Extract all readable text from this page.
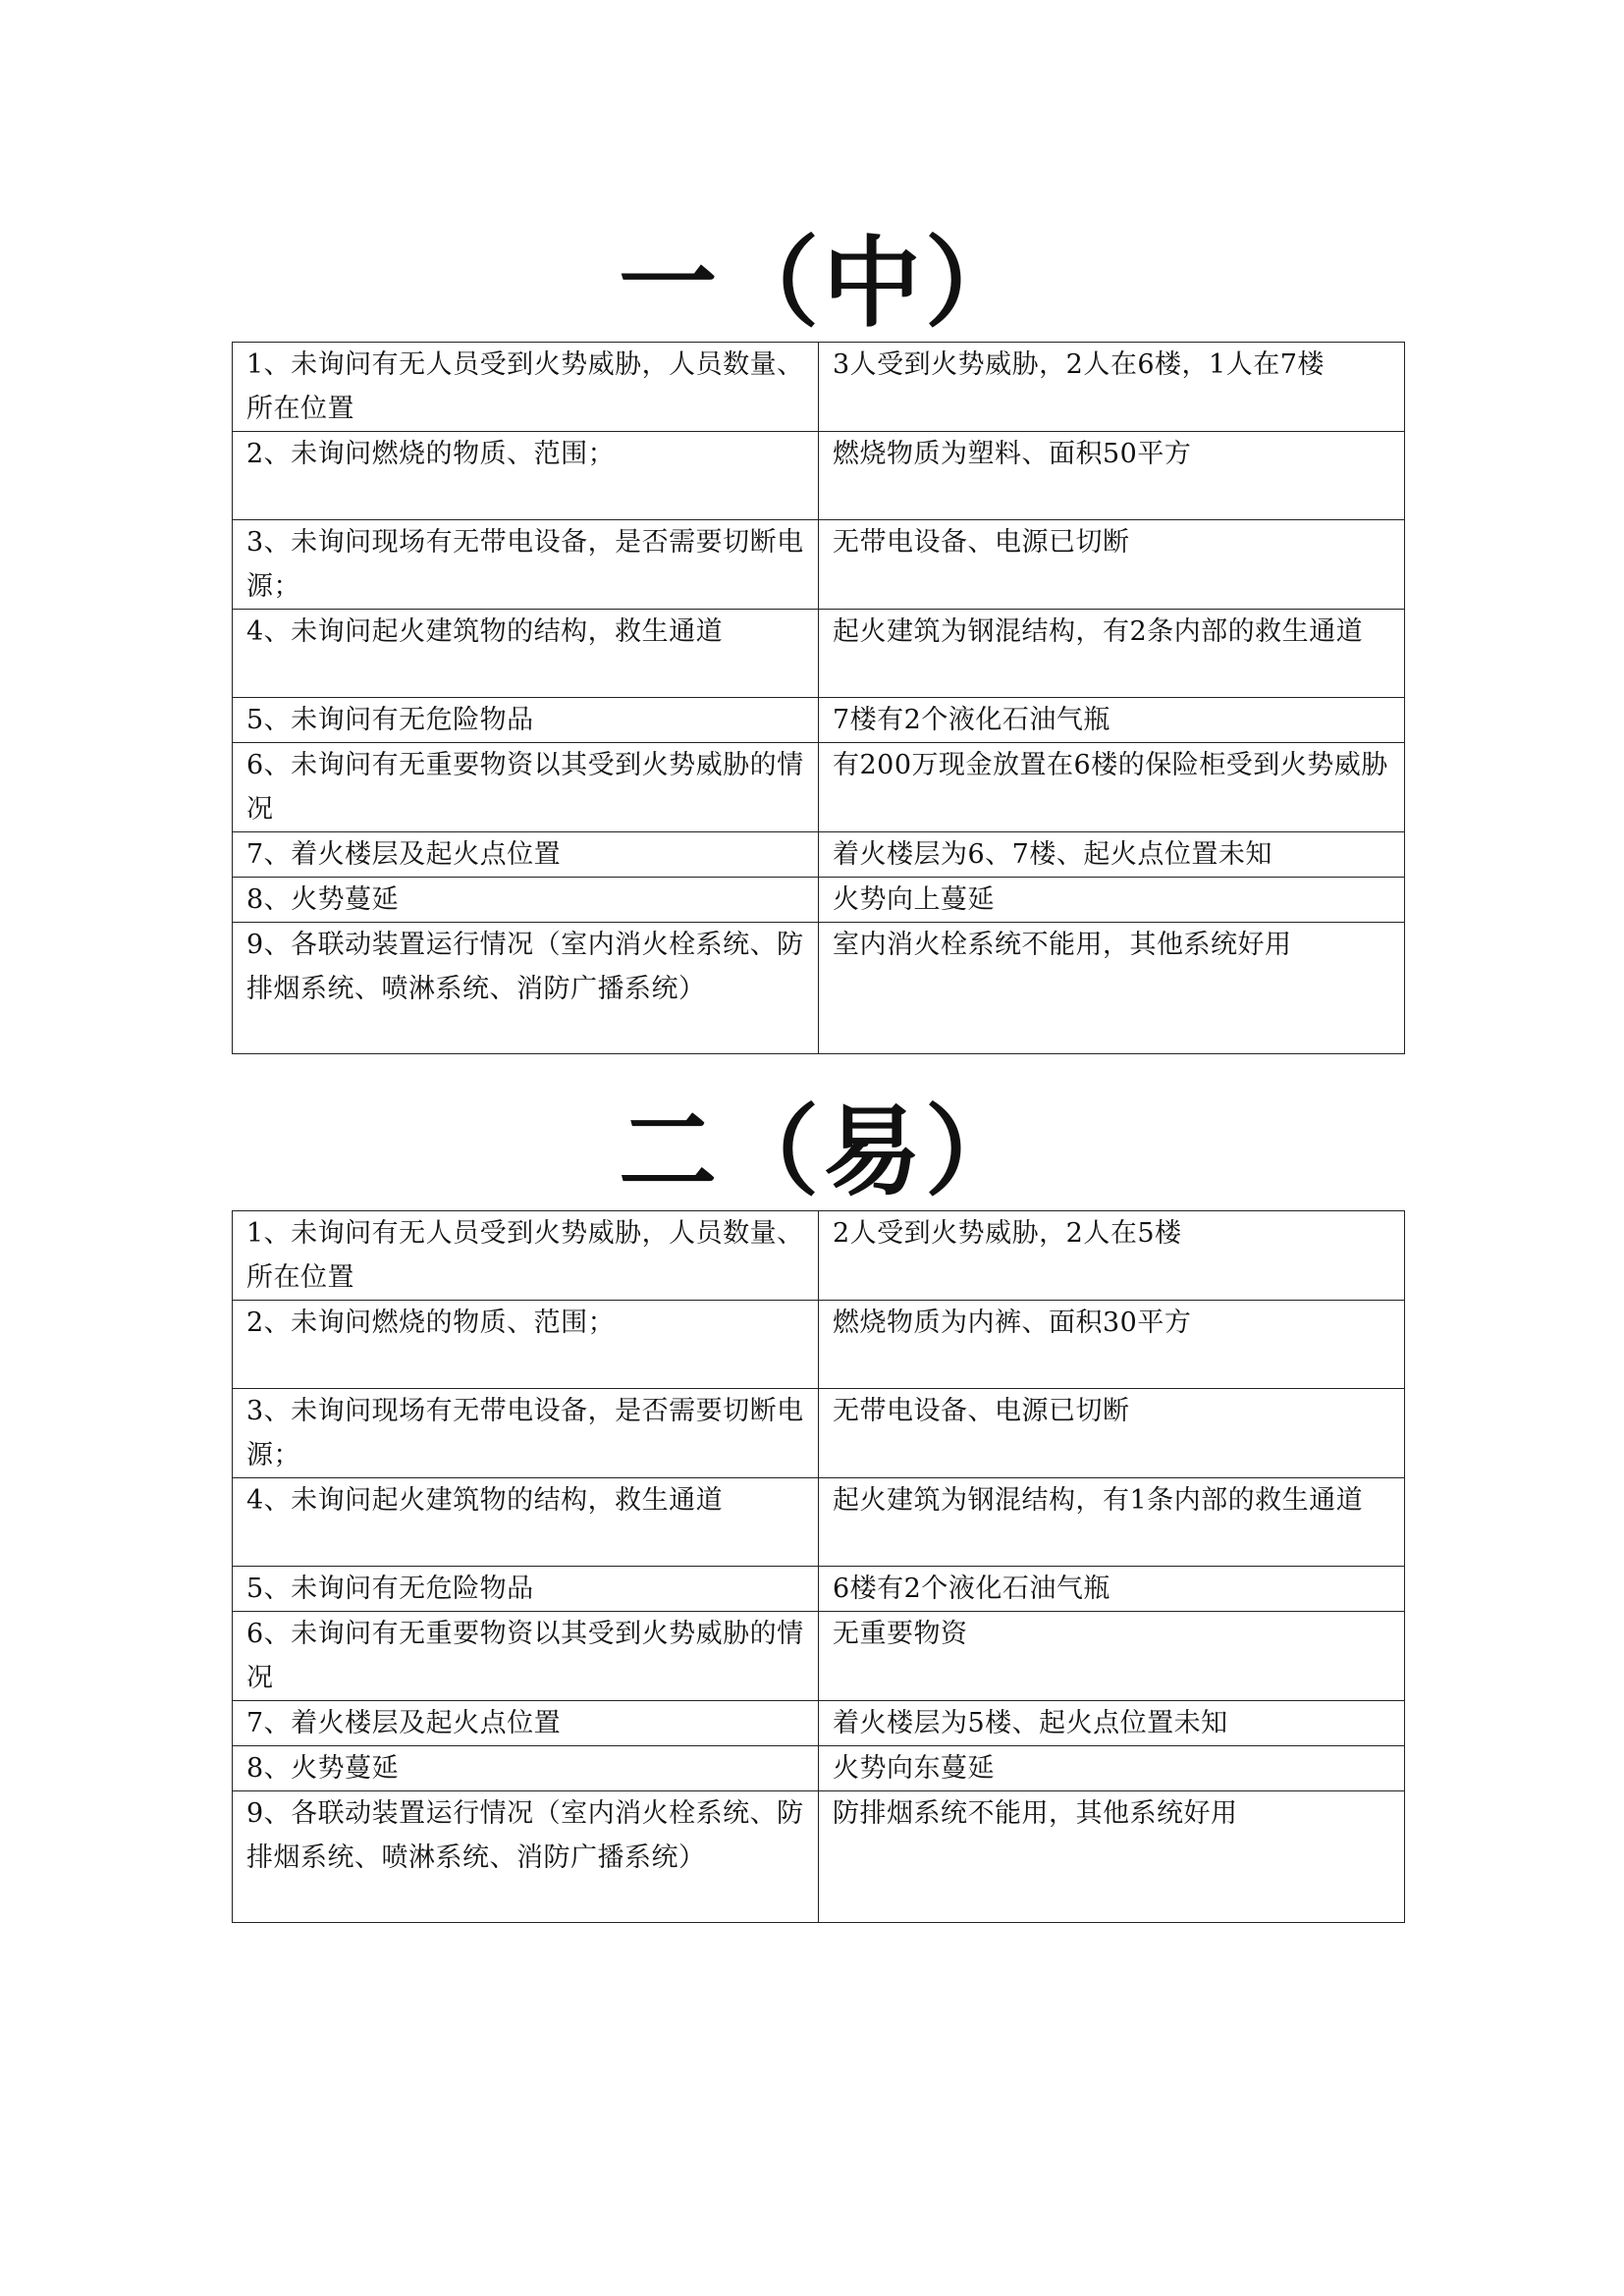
一（中）
1、未询问有无人员受到火势威胁，人员数量、所在位置	3人受到火势威胁，2人在6楼，1人在7楼
2、未询问燃烧的物质、范围；	燃烧物质为塑料、面积50平方
3、未询问现场有无带电设备，是否需要切断电源；	无带电设备、电源已切断
4、未询问起火建筑物的结构，救生通道	起火建筑为钢混结构，有2条内部的救生通道
5、未询问有无危险物品	7楼有2个液化石油气瓶
6、未询问有无重要物资以其受到火势威胁的情况	有200万现金放置在6楼的保险柜受到火势威胁
7、着火楼层及起火点位置	着火楼层为6、7楼、起火点位置未知
8、火势蔓延	火势向上蔓延
9、各联动装置运行情况（室内消火栓系统、防排烟系统、喷淋系统、消防广播系统）	室内消火栓系统不能用，其他系统好用
二（易）
1、未询问有无人员受到火势威胁，人员数量、所在位置	2人受到火势威胁，2人在5楼
2、未询问燃烧的物质、范围；	燃烧物质为内裤、面积30平方
3、未询问现场有无带电设备，是否需要切断电源；	无带电设备、电源已切断
4、未询问起火建筑物的结构，救生通道	起火建筑为钢混结构，有1条内部的救生通道
5、未询问有无危险物品	6楼有2个液化石油气瓶
6、未询问有无重要物资以其受到火势威胁的情况	无重要物资
7、着火楼层及起火点位置	着火楼层为5楼、起火点位置未知
8、火势蔓延	火势向东蔓延
9、各联动装置运行情况（室内消火栓系统、防排烟系统、喷淋系统、消防广播系统）	防排烟系统不能用，其他系统好用
